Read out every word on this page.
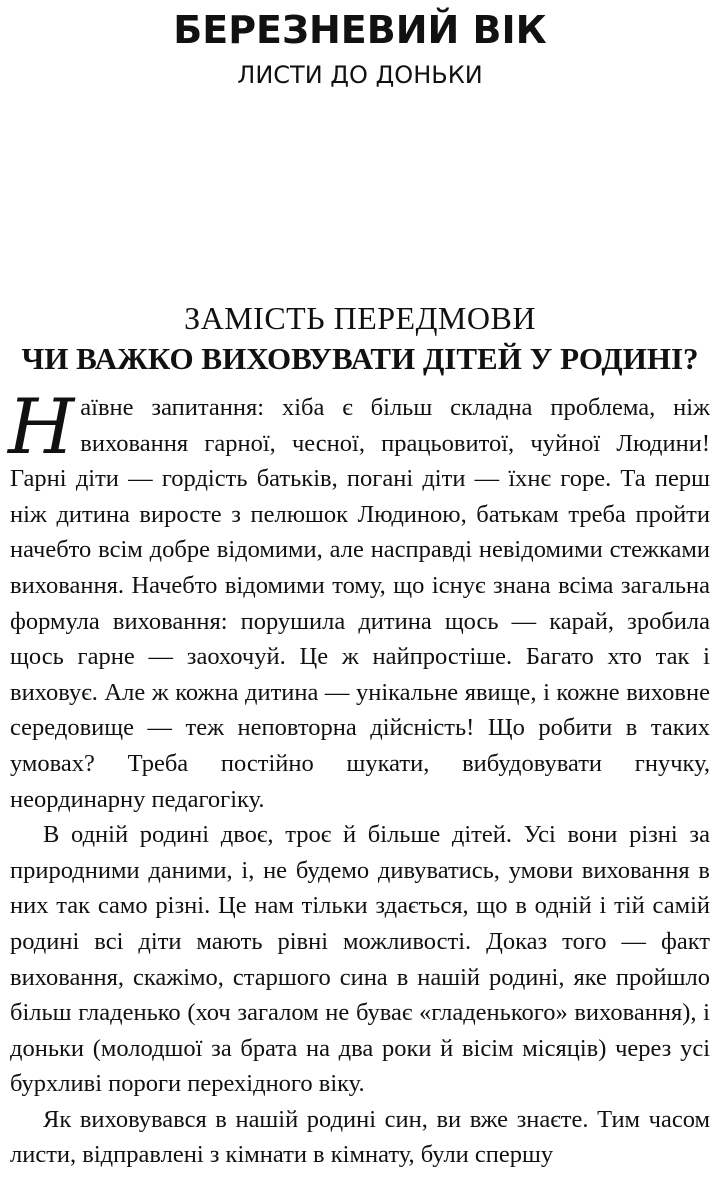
БЕРЕЗНЕВИЙ ВІК
ЛИСТИ ДО ДОНЬКИ
ЗАМІСТЬ ПЕРЕДМОВИ
ЧИ ВАЖКО ВИХОВУВАТИ ДІТЕЙ У РОДИНІ?

Наївне запитання: хіба є більш складна проблема, ніж виховання гарної, чесної, працьовитої, чуйної Людини! Гарні діти — гордість батьків, погані діти — їхнє горе. Та перш ніж дитина виросте з пелюшок Людиною, батькам треба пройти начебто всім добре відомими, але насправді невідомими стежками виховання. Начебто відомими тому, що існує знана всіма загальна формула виховання: порушила дитина щось — карай, зробила щось гарне — заохочуй. Це ж найпростіше. Багато хто так і виховує. Але ж кожна дитина — унікальне явище, і кожне виховне середовище — теж неповторна дійсність! Що робити в таких умовах? Треба постійно шукати, вибудовувати гнучку, неординарну педагогіку.

В одній родині двоє, троє й більше дітей. Усі вони різні за природними даними, і, не будемо дивуватись, умови виховання в них так само різні. Це нам тільки здається, що в одній і тій самій родині всі діти мають рівні можливості. Доказ того — факт виховання, скажімо, старшого сина в нашій родині, яке пройшло більш гладенько (хоч загалом не буває «гладенького» виховання), і доньки (молодшої за брата на два роки й вісім місяців) через усі бурхливі пороги перехідного віку.

Як виховувався в нашій родині син, ви вже знаєте. Тим часом листи, відправлені з кімнати в кімнату, були спершу
